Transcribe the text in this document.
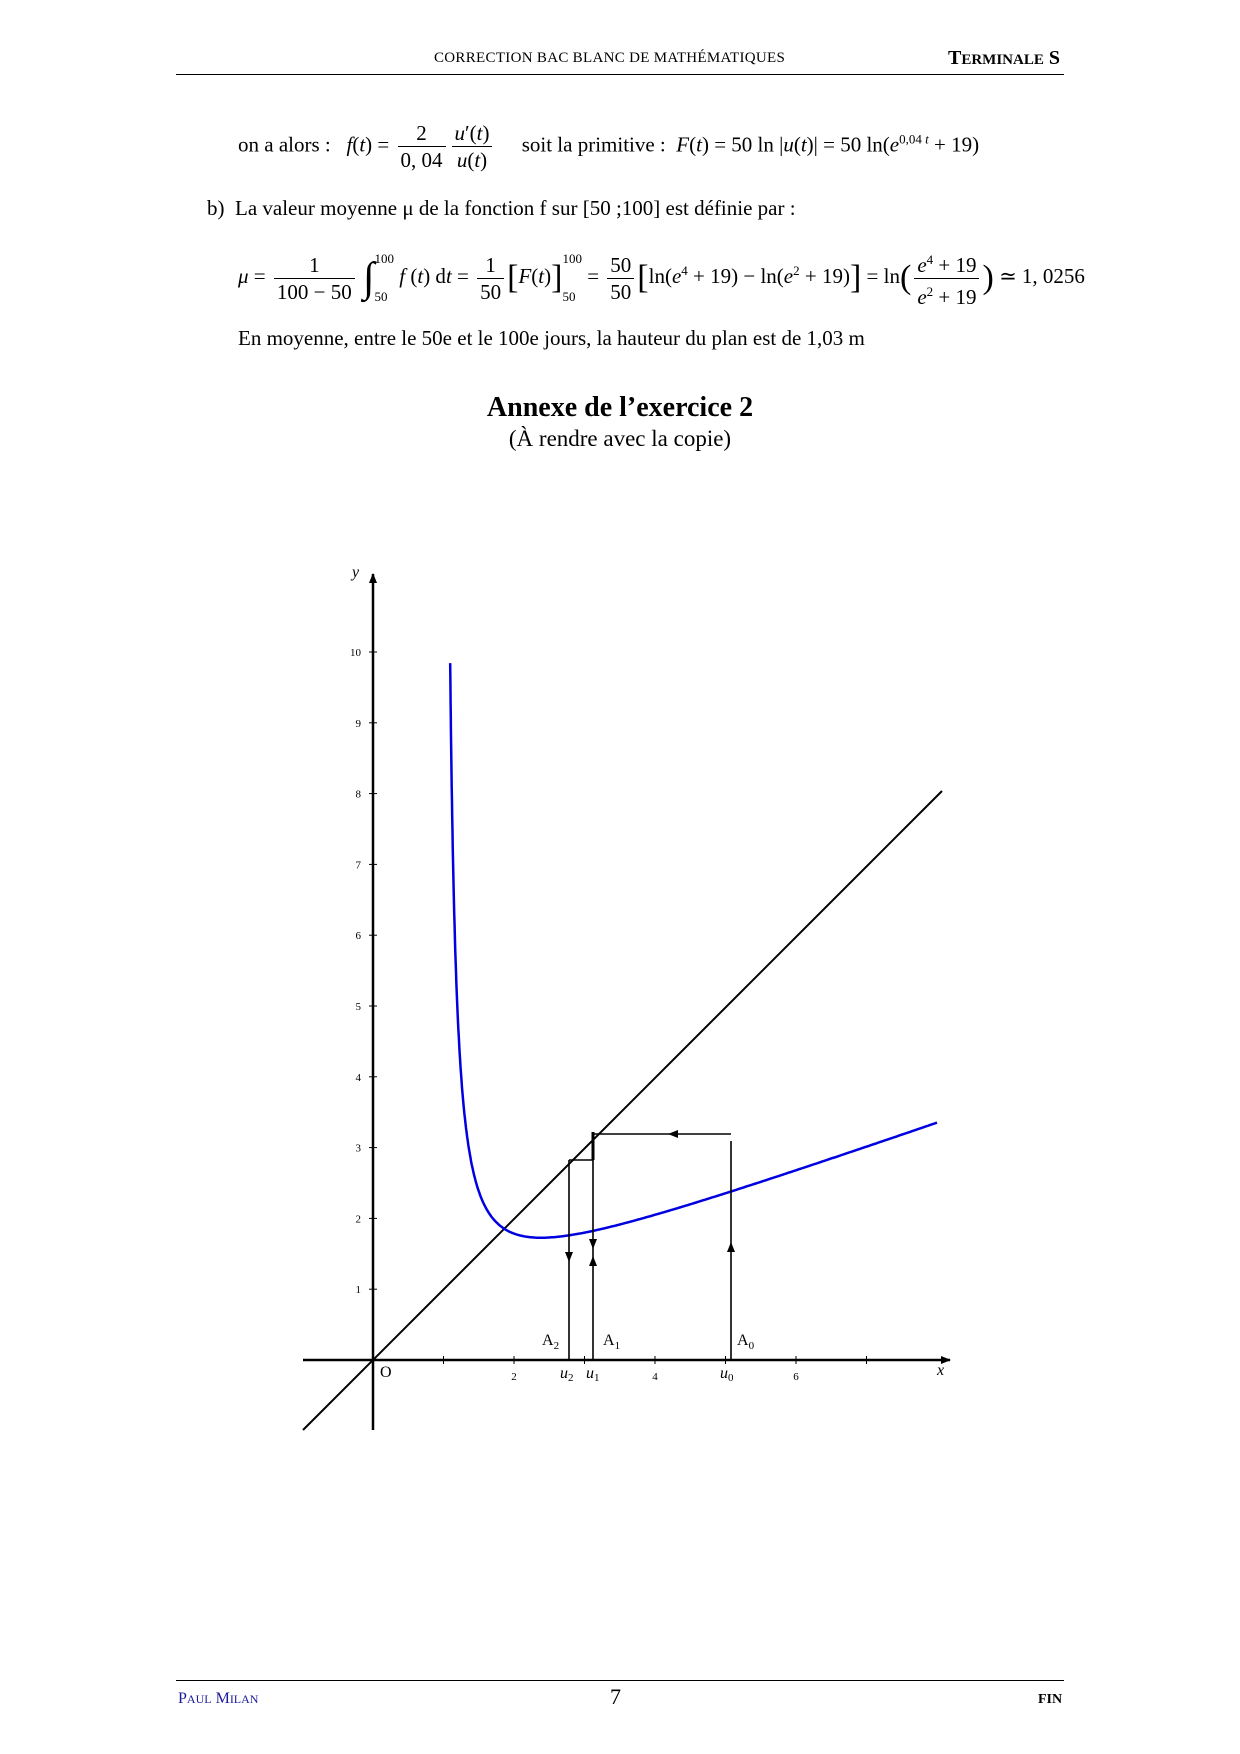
CORRECTION BAC BLANC DE MATHÉMATIQUES	TERMINALE S
on a alors : $f(t) = \frac{2}{0, 04} \frac{u'(t)}{u(t)}$ soit la primitive : F(t) = 50 ln |u(t)| = 50 $\ln(e^{0,04 t} + 19)$
b) La valeur moyenne μ de la fonction f sur [50 ;100] est définie par :
$\mu = \frac{1}{100 - 50}$ ∫ 100
50
f (t) dt = $\frac{1}{50} [F(t)]$
100
50
= $\frac{50}{50} [\ln(e^4 + 19) - \ln(e^2 + 19)] = \ln( \frac{e^4 + 19}{e^2 + 19}$ ) ≃ 1, 0256
En moyenne, entre le 50e et le 100e jours, la hauteur du plan est de 1,03 m
Annexe de l’exercice 2
(À rendre avec la copie)
y
x
O
1
2
3
4
5
6
7
8
9
10
2	4	6
$A_2$	$A_1$	$A_0$
u2 u1	u0
PAUL MILAN	7	FIN
